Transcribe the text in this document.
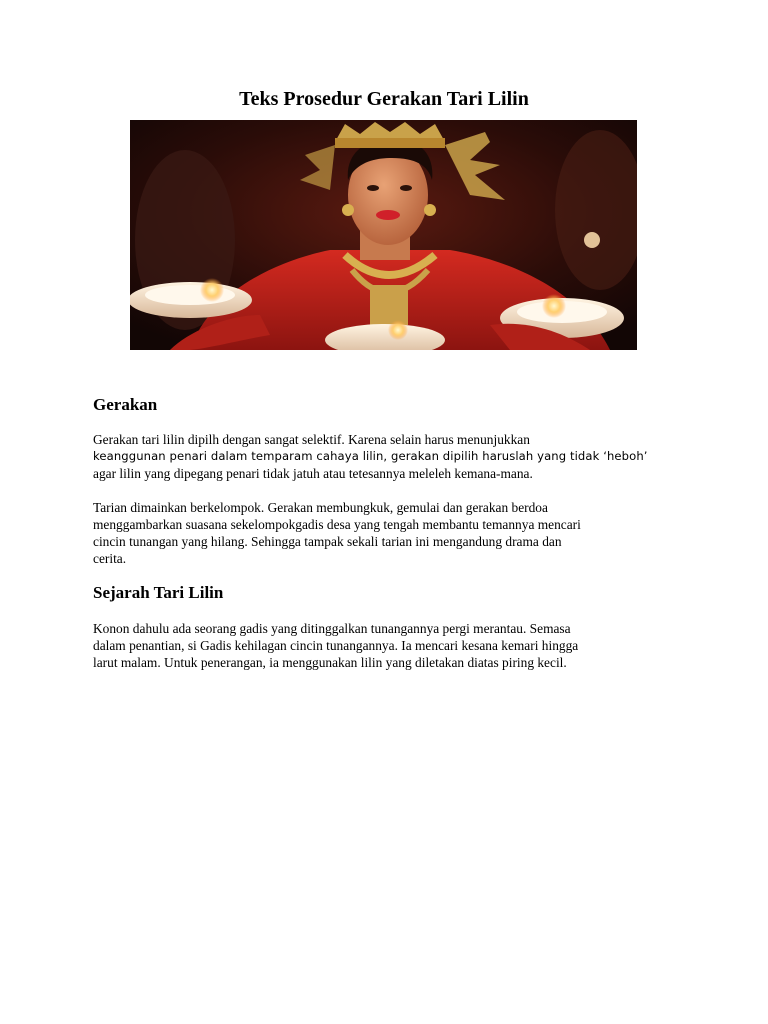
Teks Prosedur Gerakan Tari Lilin
Gerakan
Gerakan tari lilin dipilh dengan sangat selektif. Karena selain harus menunjukkan
keanggunan penari dalam temparam cahaya lilin, gerakan dipilih haruslah yang tidak ‘heboh’
agar lilin yang dipegang penari tidak jatuh atau tetesannya meleleh kemana-mana.
Tarian dimainkan berkelompok. Gerakan membungkuk, gemulai dan gerakan berdoa
menggambarkan suasana sekelompokgadis desa yang tengah membantu temannya mencari
cincin tunangan yang hilang. Sehingga tampak sekali tarian ini mengandung drama dan
cerita.
Sejarah Tari Lilin
Konon dahulu ada seorang gadis yang ditinggalkan tunangannya pergi merantau. Semasa
dalam penantian, si Gadis kehilagan cincin tunangannya. Ia mencari kesana kemari hingga
larut malam. Untuk penerangan, ia menggunakan lilin yang diletakan diatas piring kecil.
